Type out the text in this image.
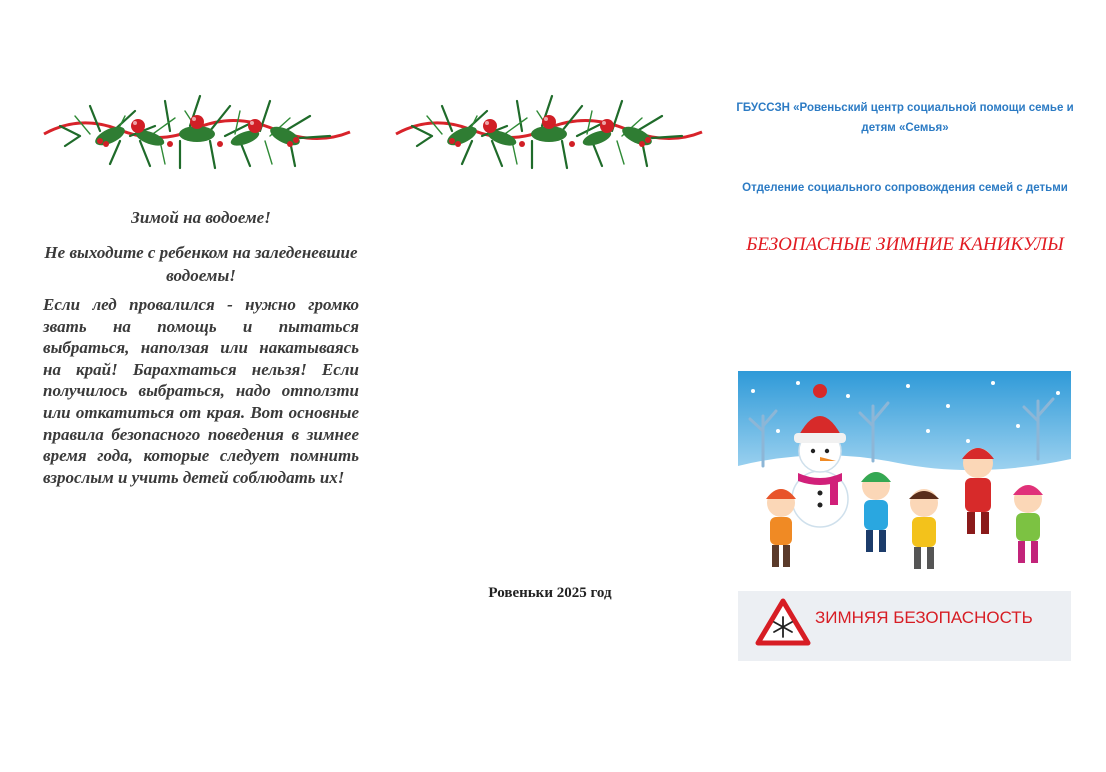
Зимой на водоеме!
Не выходите с ребенком на заледеневшие водоемы!
Если лед провалился - нужно громко звать на помощь и пытаться выбраться, наползая или накатываясь на край! Барахтаться нельзя! Если получилось выбраться, надо отползти или откатиться от края. Вот основные правила безопасного поведения в зимнее время года, которые следует помнить взрослым и учить детей соблюдать их!
Ровеньки 2025 год
ГБУССЗН «Ровеньский центр социальной помощи семье и детям «Семья»
Отделение социального сопровождения семей с детьми
БЕЗОПАСНЫЕ ЗИМНИЕ КАНИКУЛЫ
ЗИМНЯЯ БЕЗОПАСНОСТЬ
